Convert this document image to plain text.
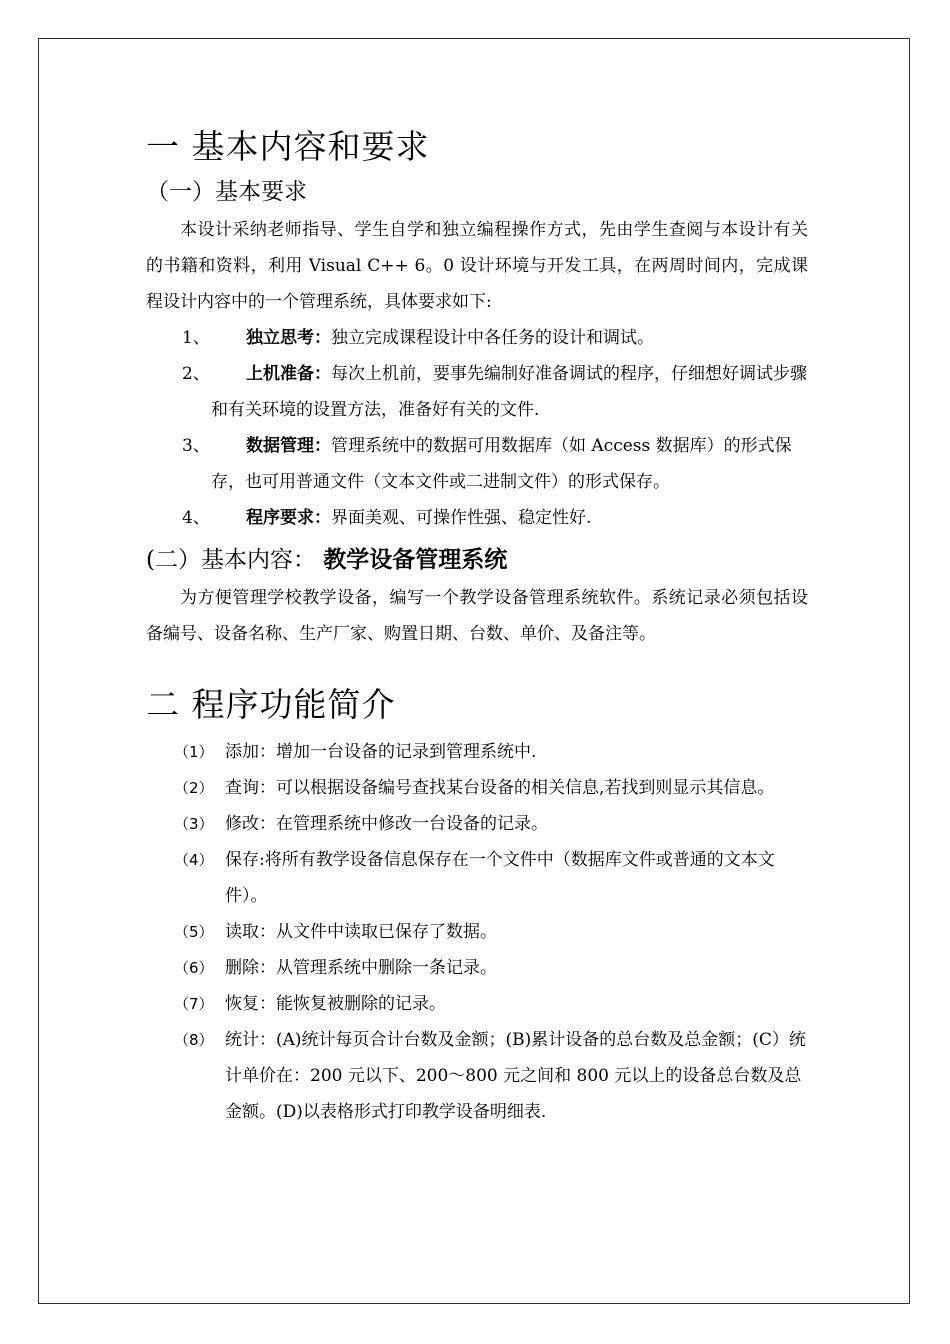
一 基本内容和要求
（一）基本要求

本设计采纳老师指导、学生自学和独立编程操作方式，先由学生查阅与本设计有关的书籍和资料，利用 Visual C++ 6。0 设计环境与开发工具，在两周时间内，完成课程设计内容中的一个管理系统，具体要求如下:

1、	独立思考：独立完成课程设计中各任务的设计和调试。
2、	上机准备：每次上机前，要事先编制好准备调试的程序，仔细想好调试步骤和有关环境的设置方法，准备好有关的文件.
3、	数据管理：管理系统中的数据可用数据库（如 Access 数据库）的形式保存，也可用普通文件（文本文件或二进制文件）的形式保存。
4、	程序要求：界面美观、可操作性强、稳定性好.
(二）基本内容： 教学设备管理系统

为方便管理学校教学设备，编写一个教学设备管理系统软件。系统记录必须包括设备编号、设备名称、生产厂家、购置日期、台数、单价、及备注等。

二 程序功能简介
（1） 添加：增加一台设备的记录到管理系统中.
（2） 查询：可以根据设备编号查找某台设备的相关信息,若找到则显示其信息。
（3） 修改：在管理系统中修改一台设备的记录。
（4） 保存:将所有教学设备信息保存在一个文件中（数据库文件或普通的文本文件）。
（5） 读取：从文件中读取已保存了数据。
（6） 删除：从管理系统中删除一条记录。
（7） 恢复：能恢复被删除的记录。
（8） 统计：(A)统计每页合计台数及金额；(B)累计设备的总台数及总金额；(C）统计单价在：200 元以下、200～800 元之间和 800 元以上的设备总台数及总金额。(D)以表格形式打印教学设备明细表.
